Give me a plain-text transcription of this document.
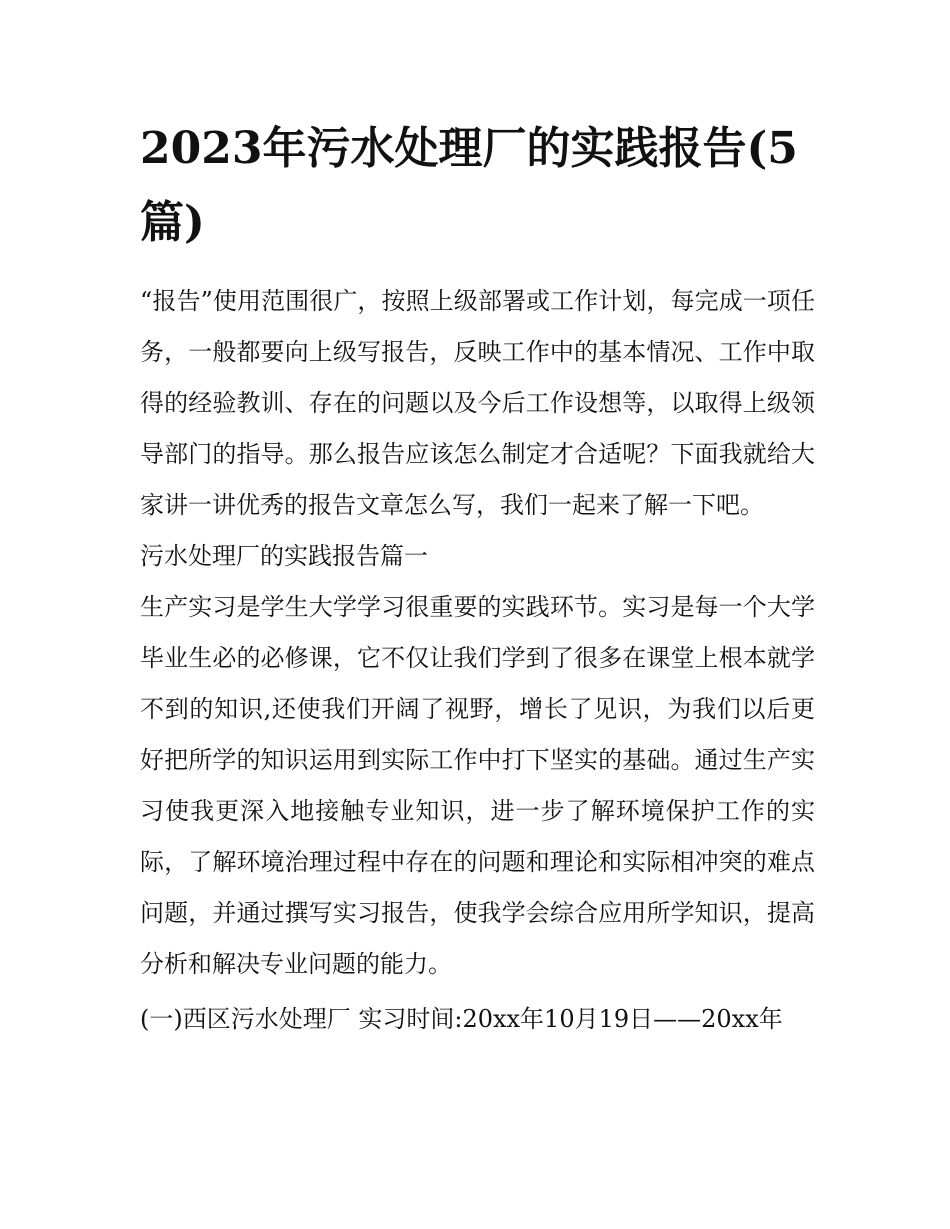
2023年污水处理厂的实践报告(5篇)

“报告”使用范围很广，按照上级部署或工作计划，每完成一项任务，一般都要向上级写报告，反映工作中的基本情况、工作中取得的经验教训、存在的问题以及今后工作设想等，以取得上级领导部门的指导。那么报告应该怎么制定才合适呢？下面我就给大家讲一讲优秀的报告文章怎么写，我们一起来了解一下吧。

污水处理厂的实践报告篇一

生产实习是学生大学学习很重要的实践环节。实习是每一个大学毕业生必的必修课，它不仅让我们学到了很多在课堂上根本就学不到的知识,还使我们开阔了视野，增长了见识，为我们以后更好把所学的知识运用到实际工作中打下坚实的基础。通过生产实习使我更深入地接触专业知识，进一步了解环境保护工作的实际，了解环境治理过程中存在的问题和理论和实际相冲突的难点问题，并通过撰写实习报告，使我学会综合应用所学知识，提高分析和解决专业问题的能力。

(一)西区污水处理厂 实习时间:20xx年10月19日——20xx年
